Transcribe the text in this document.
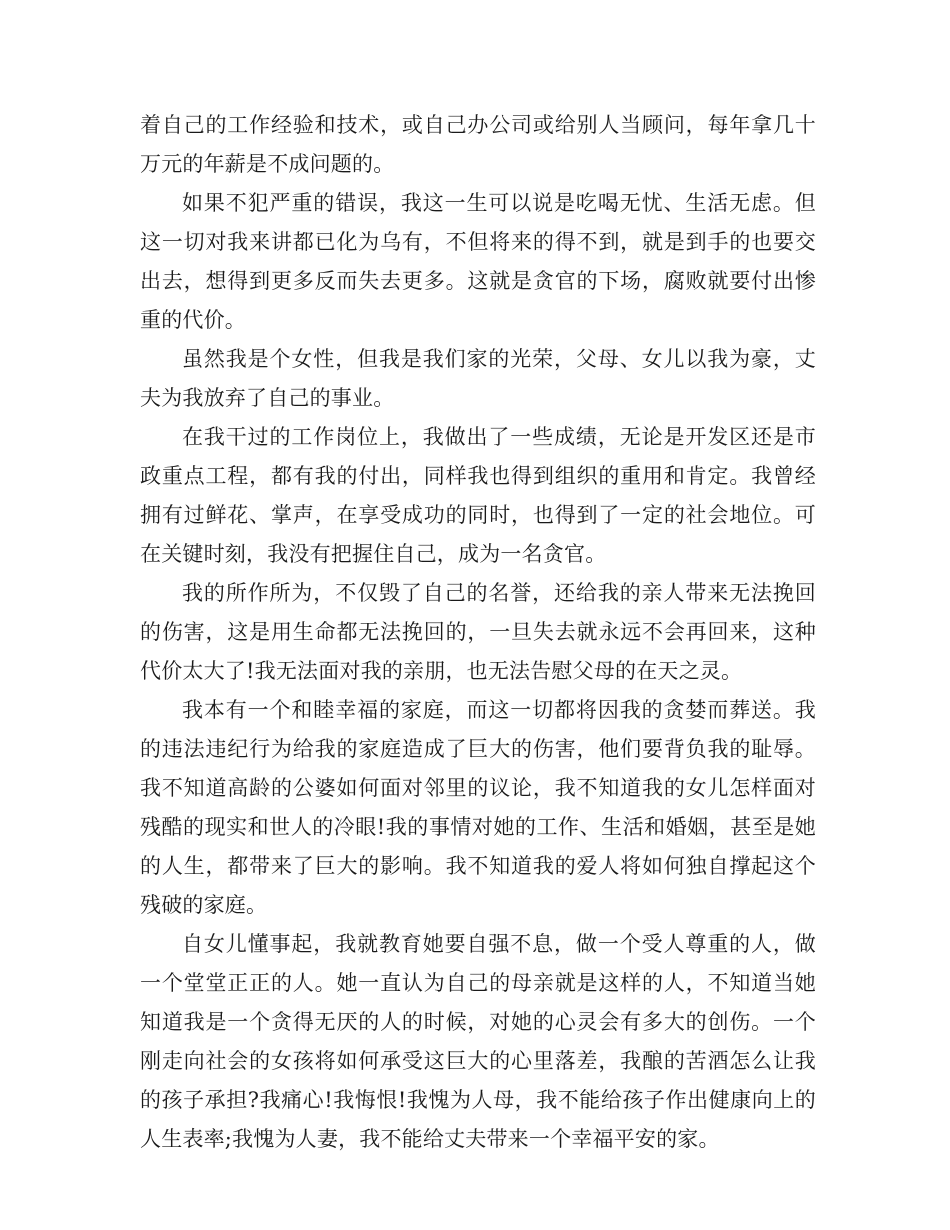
着自己的工作经验和技术，或自己办公司或给别人当顾问，每年拿几十万元的年薪是不成问题的。

如果不犯严重的错误，我这一生可以说是吃喝无忧、生活无虑。但这一切对我来讲都已化为乌有，不但将来的得不到，就是到手的也要交出去，想得到更多反而失去更多。这就是贪官的下场，腐败就要付出惨重的代价。

虽然我是个女性，但我是我们家的光荣，父母、女儿以我为豪，丈夫为我放弃了自己的事业。

在我干过的工作岗位上，我做出了一些成绩，无论是开发区还是市政重点工程，都有我的付出，同样我也得到组织的重用和肯定。我曾经拥有过鲜花、掌声，在享受成功的同时，也得到了一定的社会地位。可在关键时刻，我没有把握住自己，成为一名贪官。

我的所作所为，不仅毁了自己的名誉，还给我的亲人带来无法挽回的伤害，这是用生命都无法挽回的，一旦失去就永远不会再回来，这种代价太大了!我无法面对我的亲朋，也无法告慰父母的在天之灵。

我本有一个和睦幸福的家庭，而这一切都将因我的贪婪而葬送。我的违法违纪行为给我的家庭造成了巨大的伤害，他们要背负我的耻辱。我不知道高龄的公婆如何面对邻里的议论，我不知道我的女儿怎样面对残酷的现实和世人的冷眼!我的事情对她的工作、生活和婚姻，甚至是她的人生，都带来了巨大的影响。我不知道我的爱人将如何独自撑起这个残破的家庭。

自女儿懂事起，我就教育她要自强不息，做一个受人尊重的人，做一个堂堂正正的人。她一直认为自己的母亲就是这样的人，不知道当她知道我是一个贪得无厌的人的时候，对她的心灵会有多大的创伤。一个刚走向社会的女孩将如何承受这巨大的心里落差，我酿的苦酒怎么让我的孩子承担?我痛心!我悔恨!我愧为人母，我不能给孩子作出健康向上的人生表率;我愧为人妻，我不能给丈夫带来一个幸福平安的家。
